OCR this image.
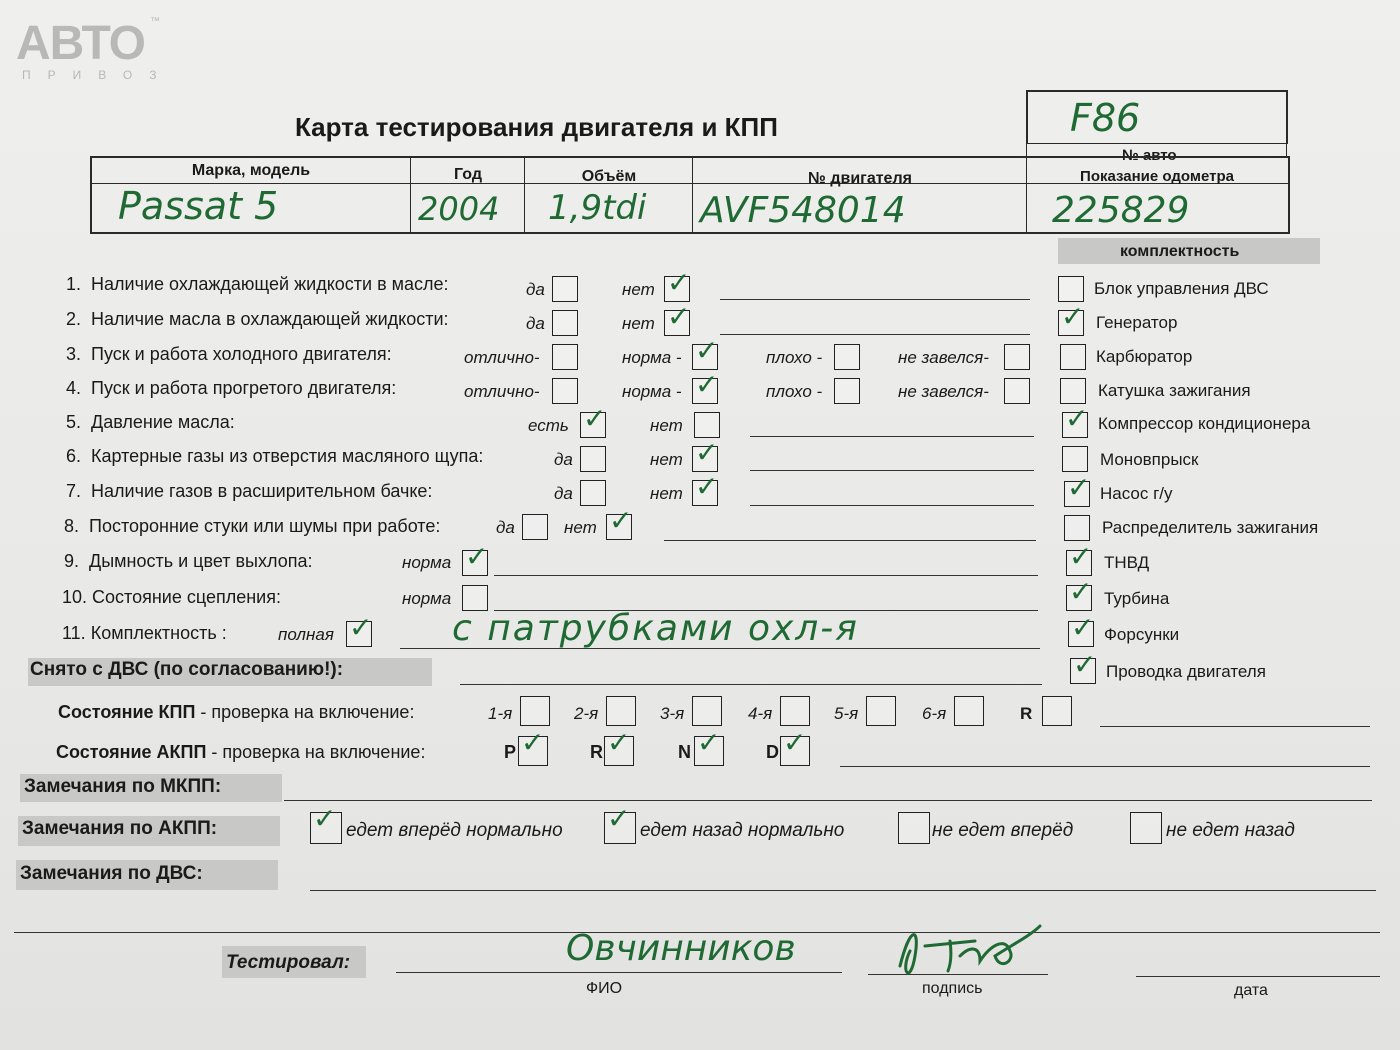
АВТО ™
ПРИВОЗ
Карта тестирования двигателя и КПП	F86
№ авто
Марка, модель	Год	Объём	№ двигателя	Показание одометра
Passat 5	2004 1,9tdi AVF548014	225829
комплектность
1. Наличие охлаждающей жидкости в масле:	да	нет ✓
2. Наличие масла в охлаждающей жидкости:	да	нет ✓
3. Пуск и работа холодного двигателя:	отлично-	норма - ✓	плохо -	не завелся-
4. Пуск и работа прогретого двигателя:	отлично-	норма - ✓	плохо -	не завелся-
5. Давление масла:	есть ✓	нет
6. Картерные газы из отверстия масляного щупа:	да	нет ✓
7. Наличие газов в расширительном бачке:	да	нет ✓
8. Посторонние стуки или шумы при работе:	да	нет ✓
9. Дымность и цвет выхлопа:	норма ✓
10. Состояние сцепления:	норма
11. Комплектность :	полная ✓ с патрубками охл-я
Блок управления ДВС
✓ Генератор
Карбюратор
Катушка зажигания
✓ Компрессор кондиционера
Моновпрыск
✓ Насос г/у
Распределитель зажигания
✓ ТНВД
✓ Турбина
✓ Форсунки
✓ Проводка двигателя
Снято с ДВС (по согласованию!):
Состояние КПП - проверка на включение:	1-я	2-я	3-я	4-я	5-я	6-я	R
Состояние АКПП - проверка на включение:	P ✓	R ✓	N ✓	D ✓
Замечания по МКПП:
Замечания по АКПП:	✓ едет вперёд нормально ✓ едет назад нормально	не едет вперёд	не едет назад
Замечания по ДВС:
Тестировал:	Овчинников
ФИО	подпись	дата
